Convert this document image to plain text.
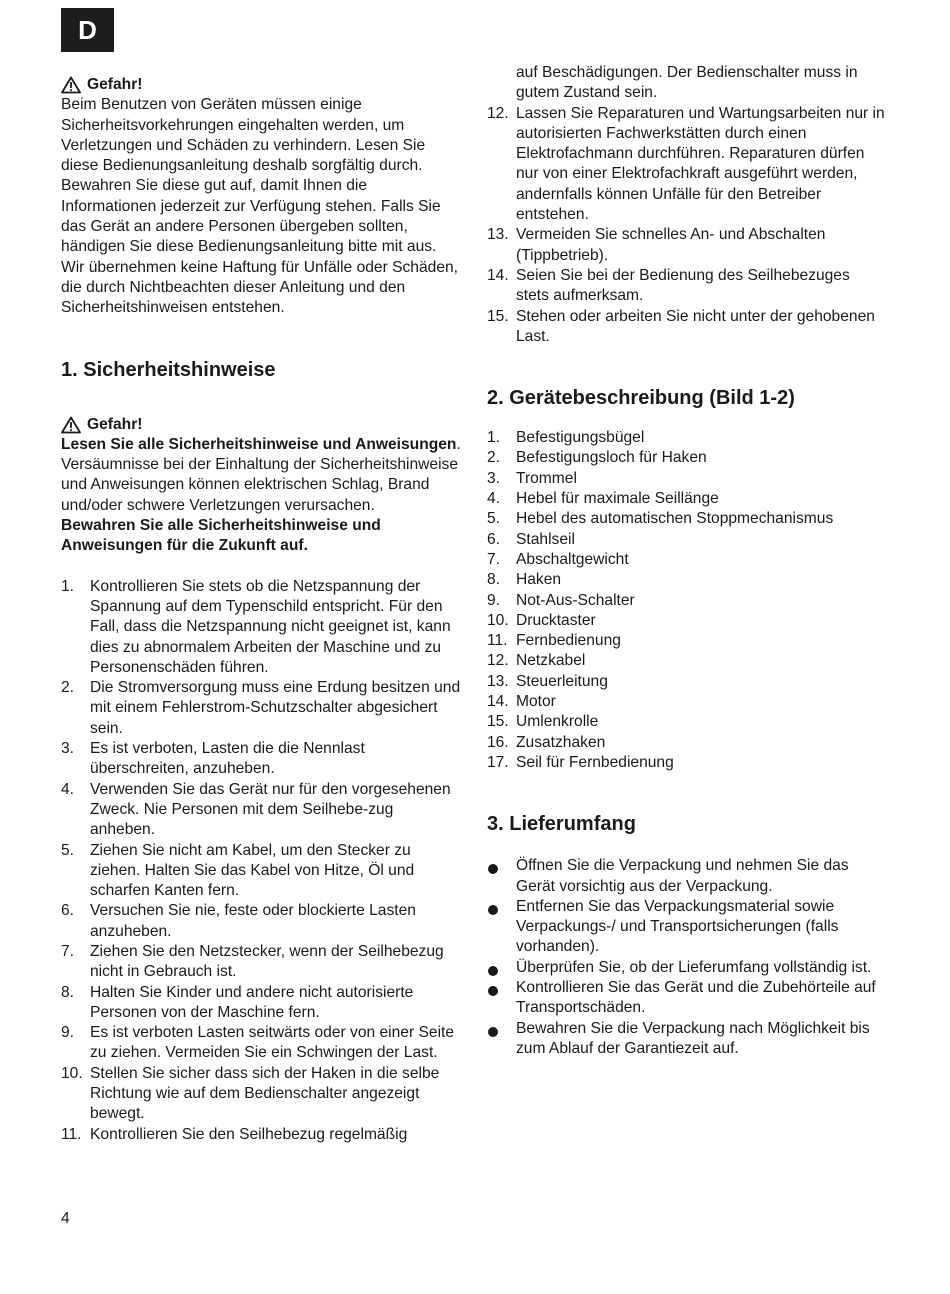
D
Gefahr!

Beim Benutzen von Geräten müssen einige Sicherheitsvorkehrungen eingehalten werden, um Verletzungen und Schäden zu verhindern. Lesen Sie diese Bedienungsanleitung deshalb sorgfältig durch. Bewahren Sie diese gut auf, damit Ihnen die Informationen jederzeit zur Verfügung stehen. Falls Sie das Gerät an andere Personen übergeben sollten, händigen Sie diese Bedienungsanleitung bitte mit aus. Wir übernehmen keine Haftung für Unfälle oder Schäden, die durch Nichtbeachten dieser Anleitung und den Sicherheitshinweisen entstehen.

1. Sicherheitshinweise
Gefahr!

Lesen Sie alle Sicherheitshinweise und Anweisungen. Versäumnisse bei der Einhaltung der Sicherheitshinweise und Anweisungen können elektrischen Schlag, Brand und/oder schwere Verletzungen verursachen.

Bewahren Sie alle Sicherheitshinweise und Anweisungen für die Zukunft auf.

1.	Kontrollieren Sie stets ob die Netzspannung der Spannung auf dem Typenschild entspricht. Für den Fall, dass die Netzspannung nicht geeignet ist, kann dies zu abnormalem Arbeiten der Maschine und zu Personenschäden führen.
2.	Die Stromversorgung muss eine Erdung besitzen und mit einem Fehlerstrom-Schutzschalter abgesichert sein.
3.	Es ist verboten, Lasten die die Nennlast überschreiten, anzuheben.
4.	Verwenden Sie das Gerät nur für den vorgesehenen Zweck. Nie Personen mit dem Seilhebe-zug anheben.
5.	Ziehen Sie nicht am Kabel, um den Stecker zu ziehen. Halten Sie das Kabel von Hitze, Öl und scharfen Kanten fern.
6.	Versuchen Sie nie, feste oder blockierte Lasten anzuheben.
7.	Ziehen Sie den Netzstecker, wenn der Seilhebezug nicht in Gebrauch ist.
8.	Halten Sie Kinder und andere nicht autorisierte Personen von der Maschine fern.
9.	Es ist verboten Lasten seitwärts oder von einer Seite zu ziehen. Vermeiden Sie ein Schwingen der Last.
10. Stellen Sie sicher dass sich der Haken in die selbe Richtung wie auf dem Bedienschalter angezeigt bewegt.
11. Kontrollieren Sie den Seilhebezug regelmäßig
auf Beschädigungen. Der Bedienschalter muss in gutem Zustand sein.
12. Lassen Sie Reparaturen und Wartungsarbeiten nur in autorisierten Fachwerkstätten durch einen Elektrofachmann durchführen. Reparaturen dürfen nur von einer Elektrofachkraft ausgeführt werden, andernfalls können Unfälle für den Betreiber entstehen.
13. Vermeiden Sie schnelles An- und Abschalten (Tippbetrieb).
14. Seien Sie bei der Bedienung des Seilhebezuges stets aufmerksam.
15. Stehen oder arbeiten Sie nicht unter der gehobenen Last.
2. Gerätebeschreibung (Bild 1-2)
1.	Befestigungsbügel
2.	Befestigungsloch für Haken
3.	Trommel
4.	Hebel für maximale Seillänge
5.	Hebel des automatischen Stoppmechanismus
6.	Stahlseil
7.	Abschaltgewicht
8.	Haken
9.	Not-Aus-Schalter
10. Drucktaster
11. Fernbedienung
12. Netzkabel
13. Steuerleitung
14. Motor
15. Umlenkrolle
16. Zusatzhaken
17. Seil für Fernbedienung
3. Lieferumfang
Öffnen Sie die Verpackung und nehmen Sie das Gerät vorsichtig aus der Verpackung.
Entfernen Sie das Verpackungsmaterial sowie Verpackungs-/ und Transportsicherungen (falls vorhanden).
Überprüfen Sie, ob der Lieferumfang vollständig ist.
Kontrollieren Sie das Gerät und die Zubehörteile auf Transportschäden.
Bewahren Sie die Verpackung nach Möglichkeit bis zum Ablauf der Garantiezeit auf.
4
